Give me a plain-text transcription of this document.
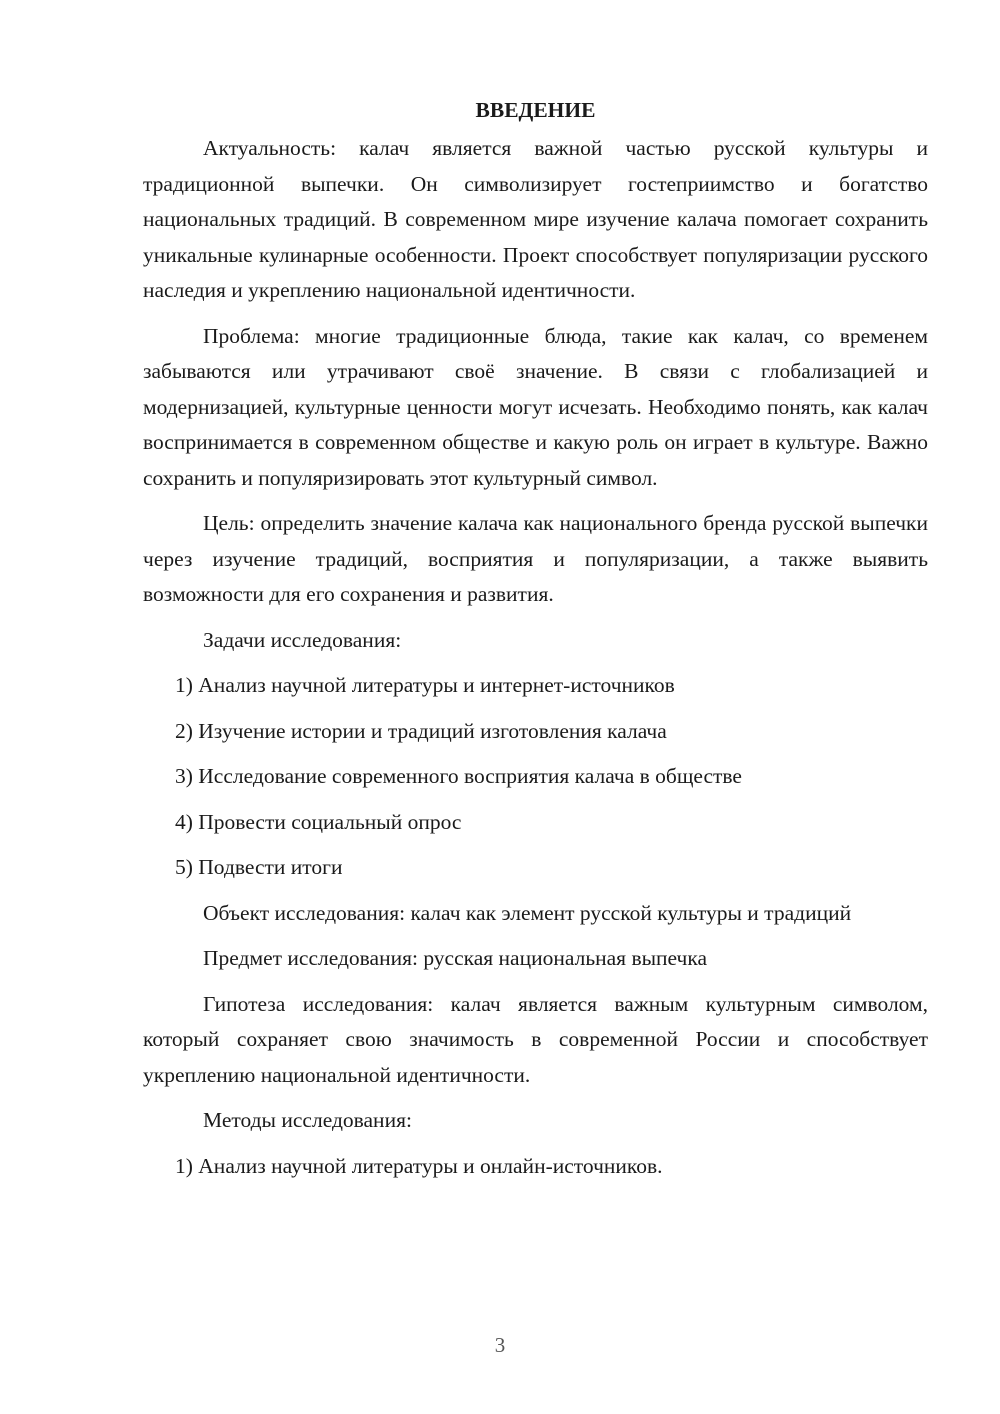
ВВЕДЕНИЕ

Актуальность: калач является важной частью русской культуры и традиционной выпечки. Он символизирует гостеприимство и богатство национальных традиций. В современном мире изучение калача помогает сохранить уникальные кулинарные особенности. Проект способствует популяризации русского наследия и укреплению национальной идентичности.

Проблема: многие традиционные блюда, такие как калач, со временем забываются или утрачивают своё значение. В связи с глобализацией и модернизацией, культурные ценности могут исчезать. Необходимо понять, как калач воспринимается в современном обществе и какую роль он играет в культуре. Важно сохранить и популяризировать этот культурный символ.

Цель: определить значение калача как национального бренда русской выпечки через изучение традиций, восприятия и популяризации, а также выявить возможности для его сохранения и развития.

Задачи исследования:

1) Анализ научной литературы и интернет-источников

2) Изучение истории и традиций изготовления калача

3) Исследование современного восприятия калача в обществе

4) Провести социальный опрос

5) Подвести итоги

Объект исследования: калач как элемент русской культуры и традиций

Предмет исследования: русская национальная выпечка

Гипотеза исследования: калач является важным культурным символом, который сохраняет свою значимость в современной России и способствует укреплению национальной идентичности.

Методы исследования:

1) Анализ научной литературы и онлайн-источников.

3
